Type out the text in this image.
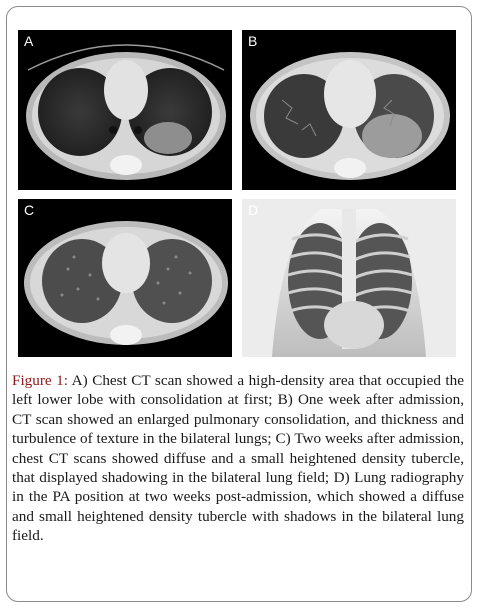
A	B
C	D
Figure 1: A) Chest CT scan showed a high-density area that occupied the left lower lobe with consolidation at first; B) One week after admission, CT scan showed an enlarged pulmonary consolidation, and thickness and turbulence of texture in the bilateral lungs; C) Two weeks after admission, chest CT scans showed diffuse and a small heightened density tubercle, that displayed shadowing in the bilateral lung field; D) Lung radiography in the PA position at two weeks post-admission, which showed a diffuse and small heightened density tubercle with shadows in the bilateral lung field.
